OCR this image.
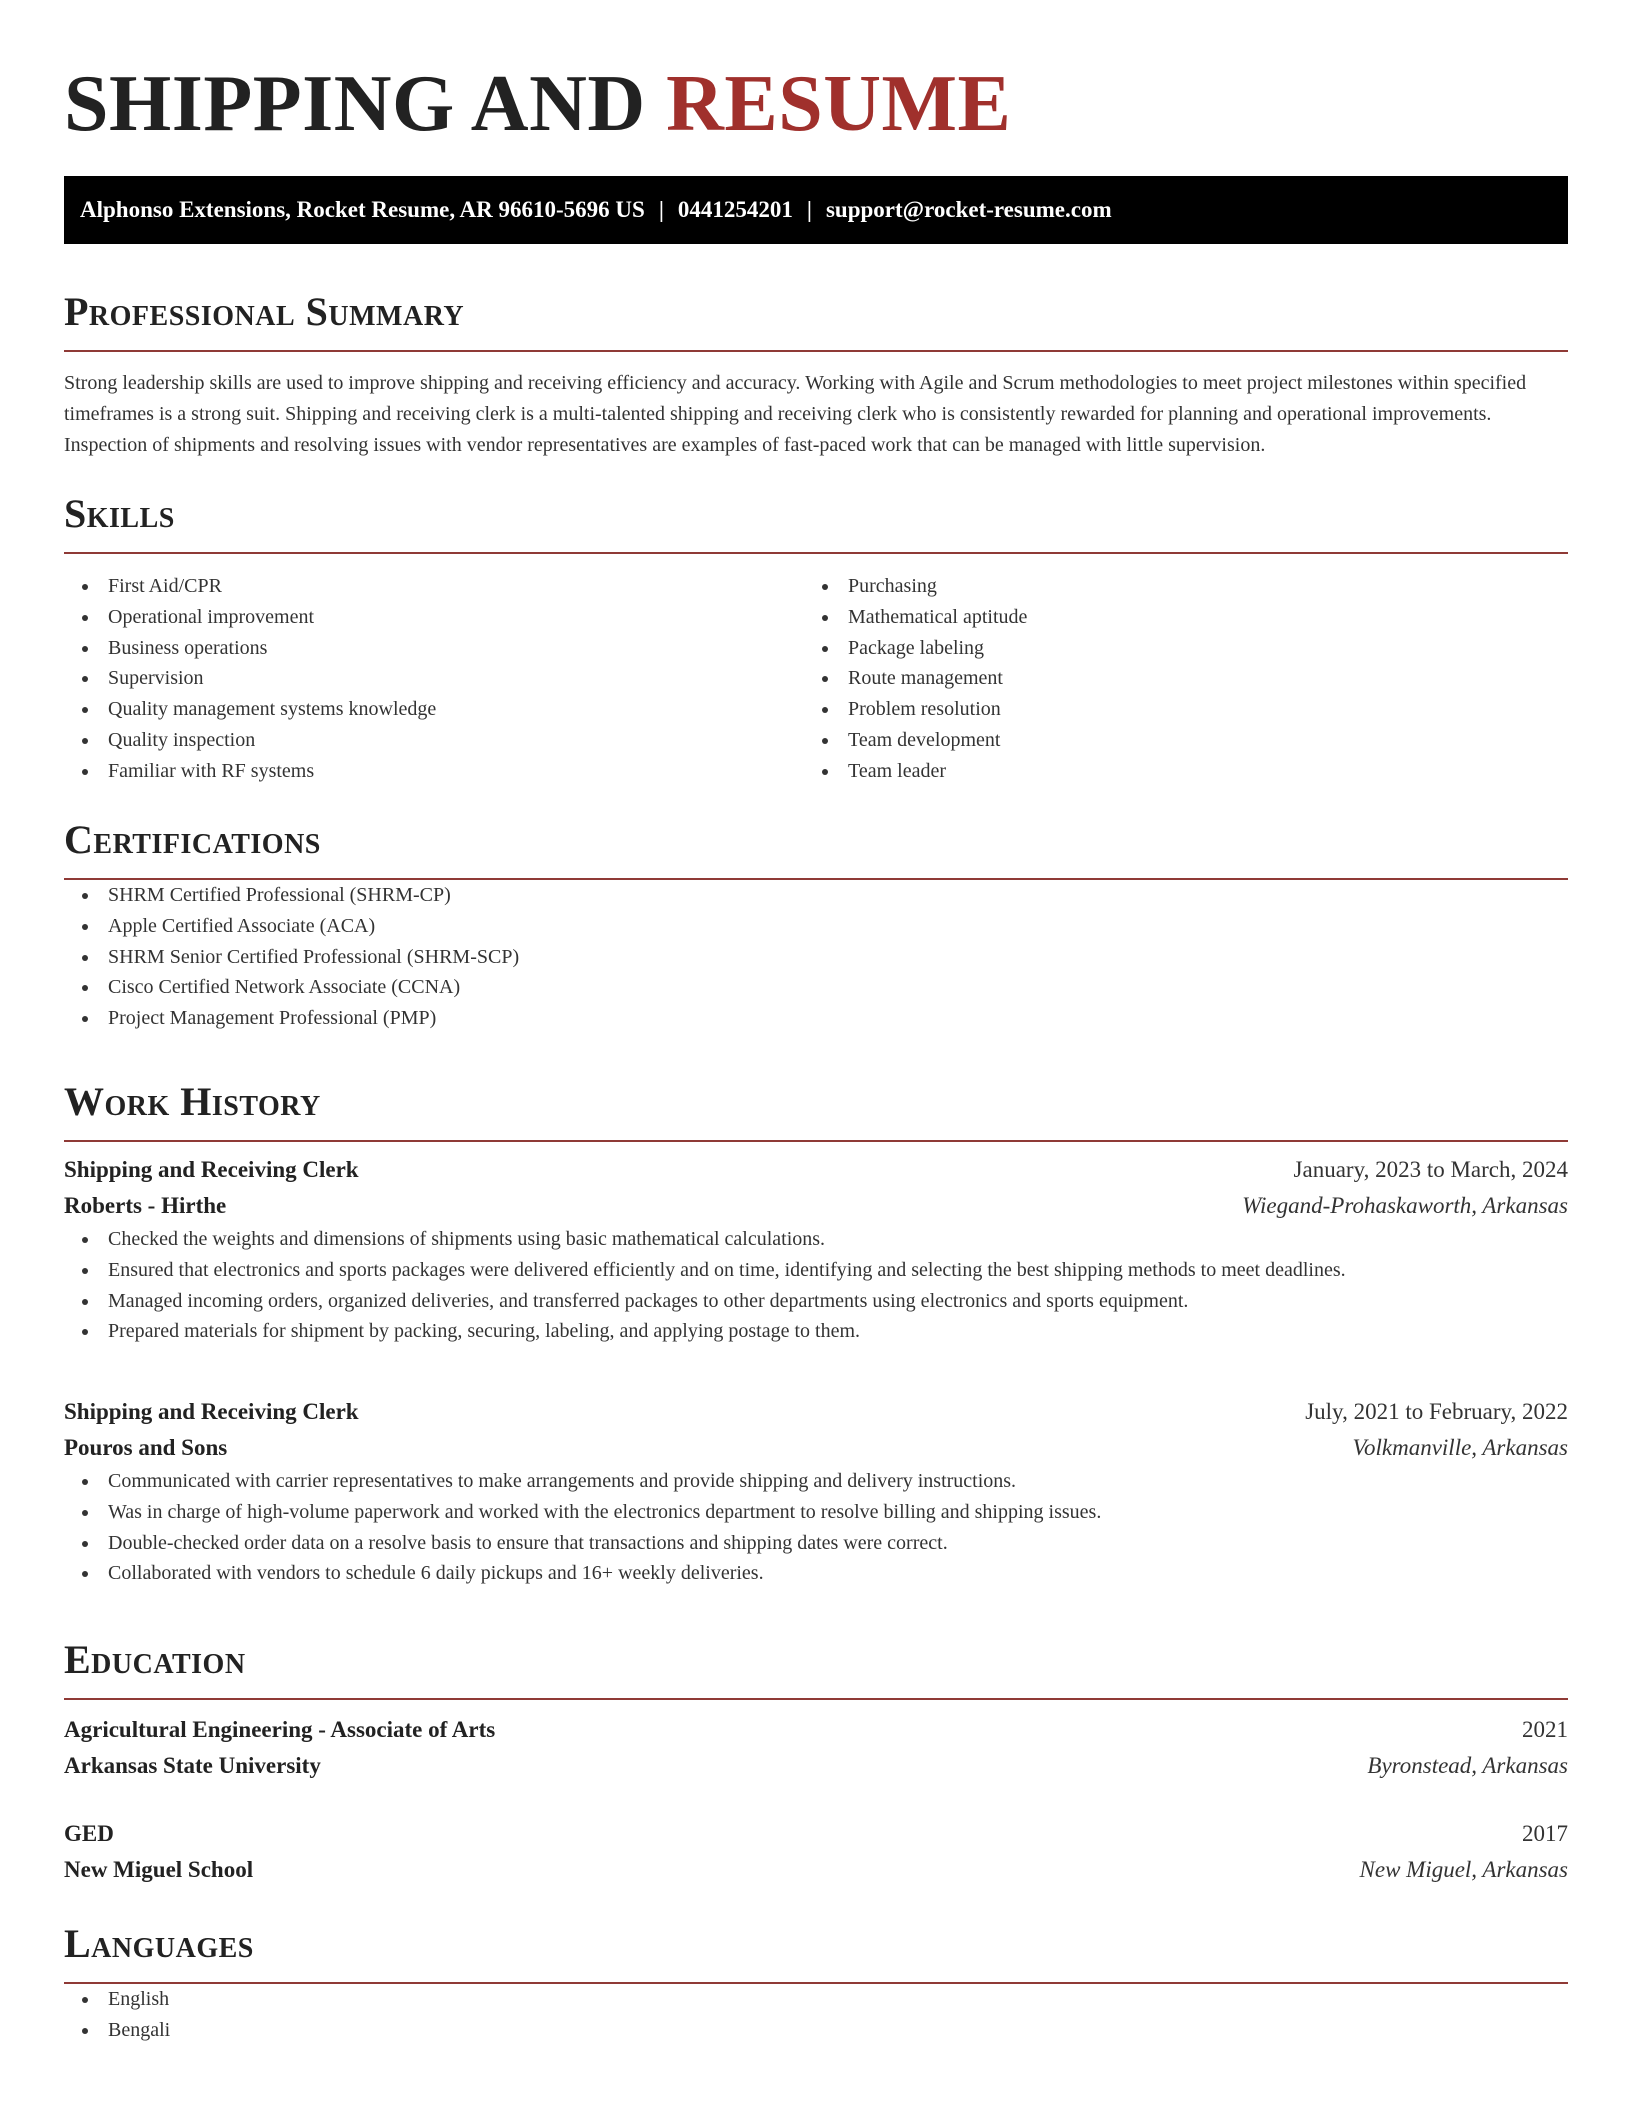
SHIPPING AND RESUME
Alphonso Extensions, Rocket Resume, AR 96610-5696 US | 0441254201 | support@rocket-resume.com
Professional Summary

Strong leadership skills are used to improve shipping and receiving efficiency and accuracy. Working with Agile and Scrum methodologies to meet project milestones within specified timeframes is a strong suit. Shipping and receiving clerk is a multi-talented shipping and receiving clerk who is consistently rewarded for planning and operational improvements. Inspection of shipments and resolving issues with vendor representatives are examples of fast-paced work that can be managed with little supervision.

Skills
First Aid/CPR
Operational improvement
Business operations
Supervision
Quality management systems knowledge
Quality inspection
Familiar with RF systems
Purchasing
Mathematical aptitude
Package labeling
Route management
Problem resolution
Team development
Team leader
Certifications
SHRM Certified Professional (SHRM-CP)
Apple Certified Associate (ACA)
SHRM Senior Certified Professional (SHRM-SCP)
Cisco Certified Network Associate (CCNA)
Project Management Professional (PMP)
Work History
Shipping and Receiving Clerk	January, 2023 to March, 2024
Roberts - Hirthe	Wiegand-Prohaskaworth, Arkansas
Checked the weights and dimensions of shipments using basic mathematical calculations.
Ensured that electronics and sports packages were delivered efficiently and on time, identifying and selecting the best shipping methods to meet deadlines.
Managed incoming orders, organized deliveries, and transferred packages to other departments using electronics and sports equipment.
Prepared materials for shipment by packing, securing, labeling, and applying postage to them.
Shipping and Receiving Clerk	July, 2021 to February, 2022
Pouros and Sons	Volkmanville, Arkansas
Communicated with carrier representatives to make arrangements and provide shipping and delivery instructions.
Was in charge of high-volume paperwork and worked with the electronics department to resolve billing and shipping issues.
Double-checked order data on a resolve basis to ensure that transactions and shipping dates were correct.
Collaborated with vendors to schedule 6 daily pickups and 16+ weekly deliveries.
Education
Agricultural Engineering - Associate of Arts	2021
Arkansas State University	Byronstead, Arkansas
GED	2017
New Miguel School	New Miguel, Arkansas
Languages
English
Bengali
